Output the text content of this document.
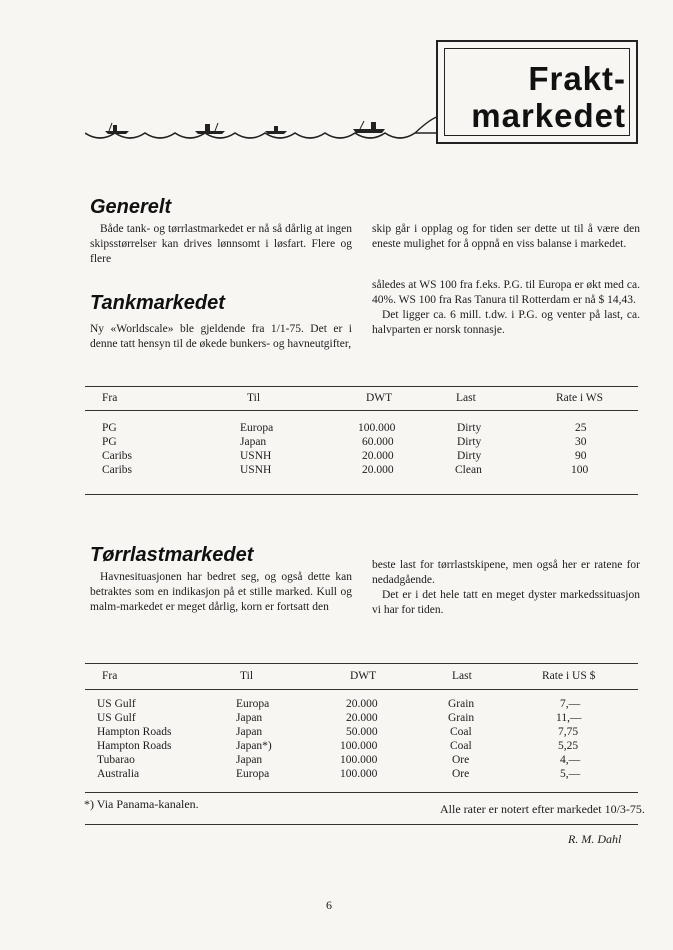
Frakt-
markedet
Generelt

Både tank- og tørrlastmarkedet er nå så dårlig at ingen skipsstørrelser kan drives lønnsomt i løsfart. Flere og flere

skip går i opplag og for tiden ser dette ut til å være den eneste mulighet for å oppnå en viss balanse i markedet.

Tankmarkedet

Ny «Worldscale» ble gjeldende fra 1/1-75. Det er i denne tatt hensyn til de økede bunkers- og havneutgifter,

således at WS 100 fra f.eks. P.G. til Europa er økt med ca. 40%. WS 100 fra Ras Tanura til Rotterdam er nå $ 14,43.

Det ligger ca. 6 mill. t.dw. i P.G. og venter på last, ca. halvparten er norsk tonnasje.

Fra	Til	DWT	Last	Rate i WS
PG	Europa	100.000	Dirty	25
PG	Japan	60.000	Dirty	30
Caribs	USNH	20.000	Dirty	90
Caribs	USNH	20.000	Clean	100
Tørrlastmarkedet

Havnesituasjonen har bedret seg, og også dette kan betraktes som en indikasjon på et stille marked. Kull og malm-markedet er meget dårlig, korn er fortsatt den

beste last for tørrlastskipene, men også her er ratene for nedadgående.

Det er i det hele tatt en meget dyster markedssituasjon vi har for tiden.

Fra	Til	DWT	Last	Rate i US $
US Gulf	Europa	20.000	Grain	7,—
US Gulf	Japan	20.000	Grain	11,—
Hampton Roads	Japan	50.000	Coal	7,75
Hampton Roads	Japan*)	100.000	Coal	5,25
Tubarao	Japan	100.000	Ore	4,—
Australia	Europa	100.000	Ore	5,—
*) Via Panama-kanalen.	Alle rater er notert efter markedet 10/3-75.
R. M. Dahl
6
